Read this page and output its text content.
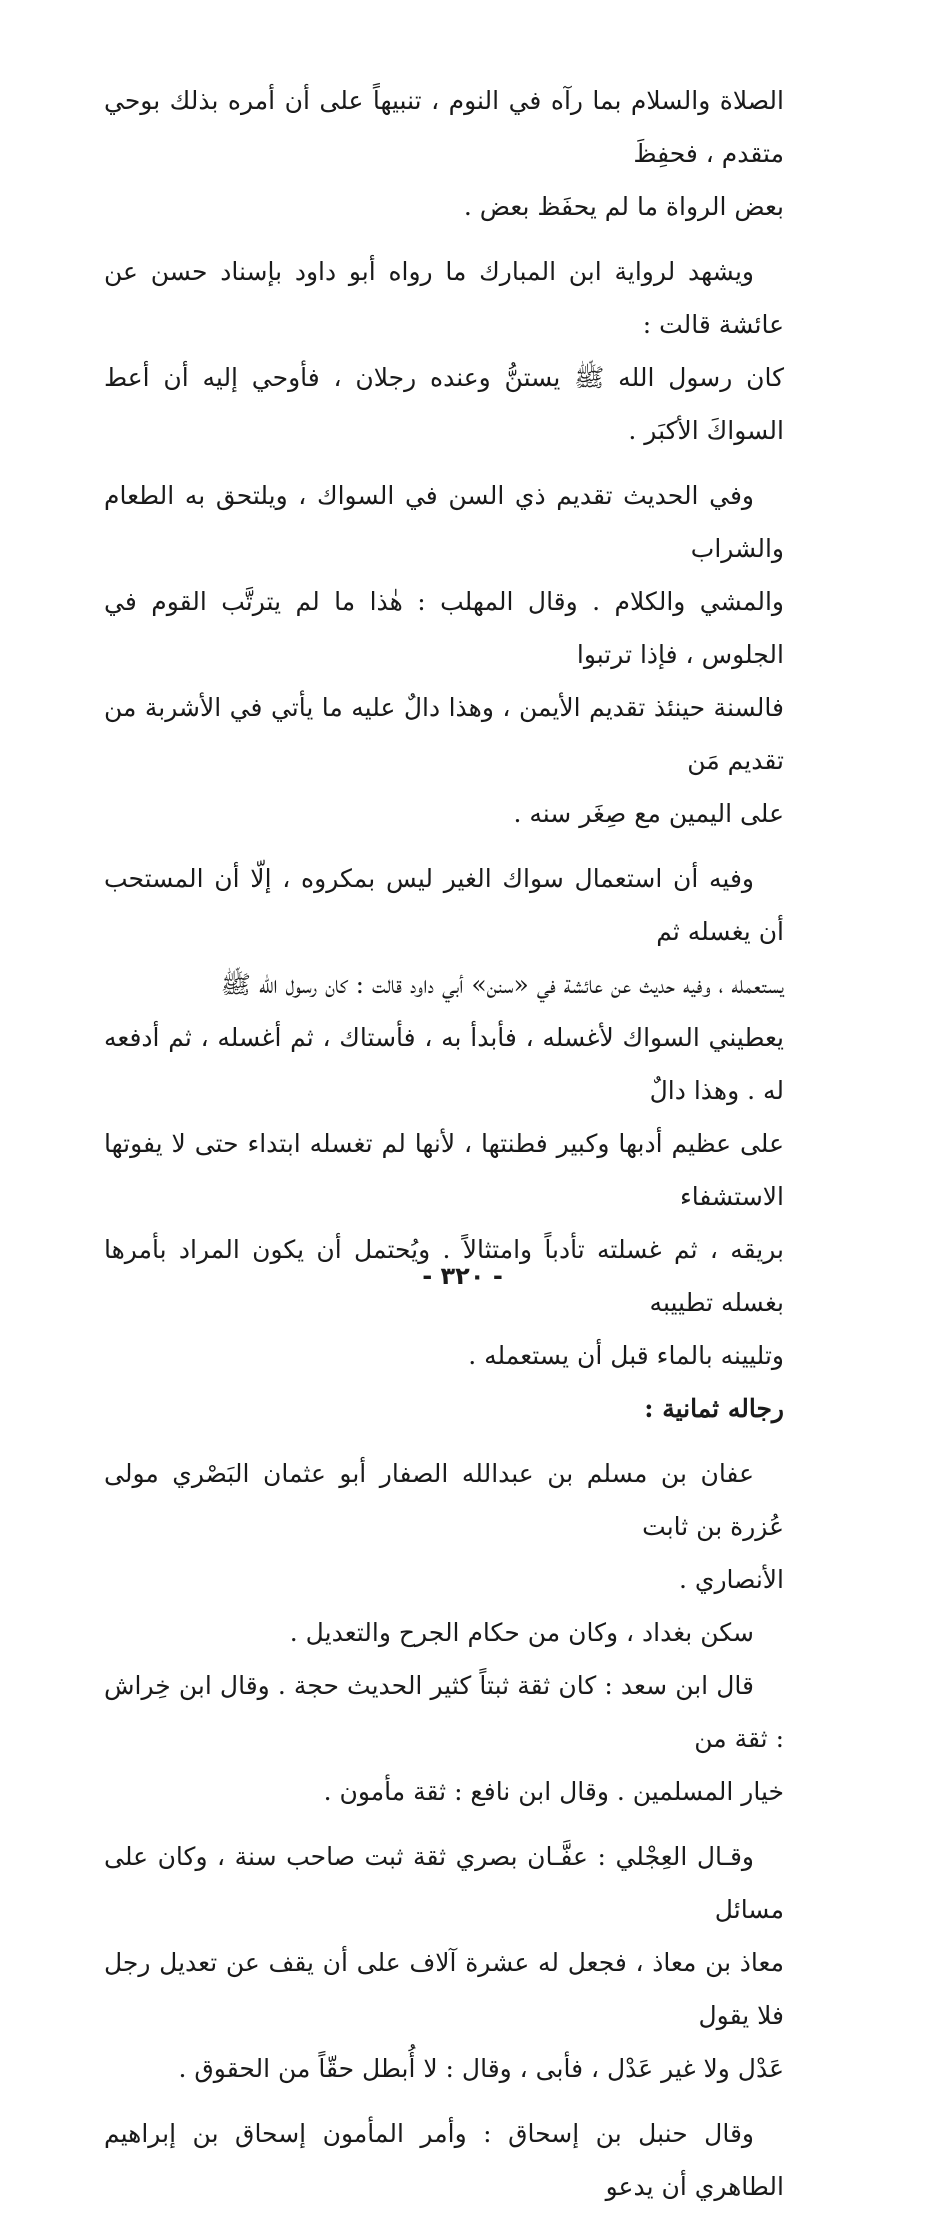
الصلاة والسلام بما رآه في النوم ، تنبيهاً على أن أمره بذلك بوحي متقدم ، فحفِظَ

بعض الرواة ما لم يحفَظ بعض .

ويشهد لرواية ابن المبارك ما رواه أبو داود بإسناد حسن عن عائشة قالت :

كان رسول الله ﷺ يستنُّ وعنده رجلان ، فأوحي إليه أن أعط السواكَ الأكبَر .

وفي الحديث تقديم ذي السن في السواك ، ويلتحق به الطعام والشراب

والمشي والكلام . وقال المهلب : هٰذا ما لم يترتَّب القوم في الجلوس ، فإذا ترتبوا

فالسنة حينئذ تقديم الأيمن ، وهذا دالٌ عليه ما يأتي في الأشربة من تقديم مَن

على اليمين مع صِغَر سنه .

وفيه أن استعمال سواك الغير ليس بمكروه ، إلّا أن المستحب أن يغسله ثم

يستعمله ، وفيه حديث عن عائشة في «سنن» أبي داود قالت : كان رسول الله ﷺ

يعطيني السواك لأغسله ، فأبدأ به ، فأستاك ، ثم أغسله ، ثم أدفعه له . وهذا دالٌ

على عظيم أدبها وكبير فطنتها ، لأنها لم تغسله ابتداء حتى لا يفوتها الاستشفاء

بريقه ، ثم غسلته تأدباً وامتثالاً . ويُحتمل أن يكون المراد بأمرها بغسله تطييبه

وتليينه بالماء قبل أن يستعمله .

رجاله ثمانية :

عفان بن مسلم بن عبدالله الصفار أبو عثمان البَصْري مولى عُزرة بن ثابت

الأنصاري .

سكن بغداد ، وكان من حكام الجرح والتعديل .

قال ابن سعد : كان ثقة ثبتاً كثير الحديث حجة . وقال ابن خِراش : ثقة من

خيار المسلمين . وقال ابن نافع : ثقة مأمون .

وقـال العِجْلي : عفَّـان بصري ثقة ثبت صاحب سنة ، وكان على مسائل

معاذ بن معاذ ، فجعل له عشرة آلاف على أن يقف عن تعديل رجل فلا يقول

عَدْل ولا غير عَدْل ، فأبى ، وقال : لا أُبطل حقّاً من الحقوق .

وقال حنبل بن إسحاق : وأمر المأمون إسحاق بن إبراهيم الطاهري أن يدعو

- ٣٢٠ -
